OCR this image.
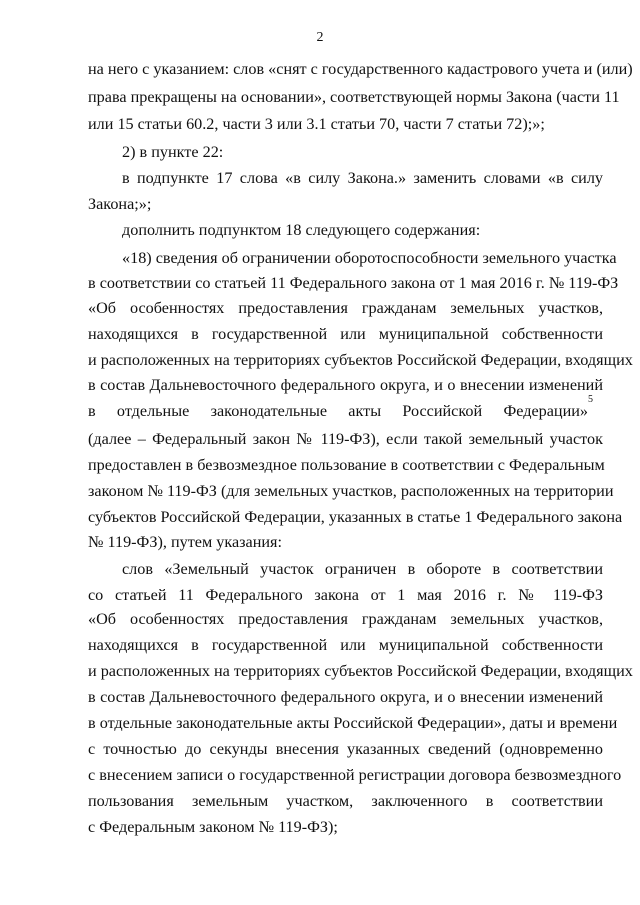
2
на него с указанием: слов «снят с государственного кадастрового учета и (или)
права прекращены на основании», соответствующей нормы Закона (части 11
или 15 статьи 60.2, части 3 или 3.1 статьи 70, части 7 статьи 72);»;
2) в пункте 22:
в подпункте 17 слова «в силу Закона.» заменить словами «в силу
Закона;»;
дополнить подпунктом 18 следующего содержания:
«18) сведения об ограничении оборотоспособности земельного участка
в соответствии со статьей 11 Федерального закона от 1 мая 2016 г. № 119-ФЗ
«Об особенностях предоставления гражданам земельных участков,
находящихся в государственной или муниципальной собственности
и расположенных на территориях субъектов Российской Федерации, входящих
в состав Дальневосточного федерального округа, и о внесении изменений
в отдельные законодательные акты Российской Федерации»$^5$
(далее – Федеральный закон № 119-ФЗ), если такой земельный участок
предоставлен в безвозмездное пользование в соответствии с Федеральным
законом № 119-ФЗ (для земельных участков, расположенных на территории
субъектов Российской Федерации, указанных в статье 1 Федерального закона
№ 119-ФЗ), путем указания:
слов «Земельный участок ограничен в обороте в соответствии
со статьей 11 Федерального закона от 1 мая 2016 г. № 119-ФЗ
«Об особенностях предоставления гражданам земельных участков,
находящихся в государственной или муниципальной собственности
и расположенных на территориях субъектов Российской Федерации, входящих
в состав Дальневосточного федерального округа, и о внесении изменений
в отдельные законодательные акты Российской Федерации», даты и времени
с точностью до секунды внесения указанных сведений (одновременно
с внесением записи о государственной регистрации договора безвозмездного
пользования земельным участком, заключенного в соответствии
с Федеральным законом № 119-ФЗ);
